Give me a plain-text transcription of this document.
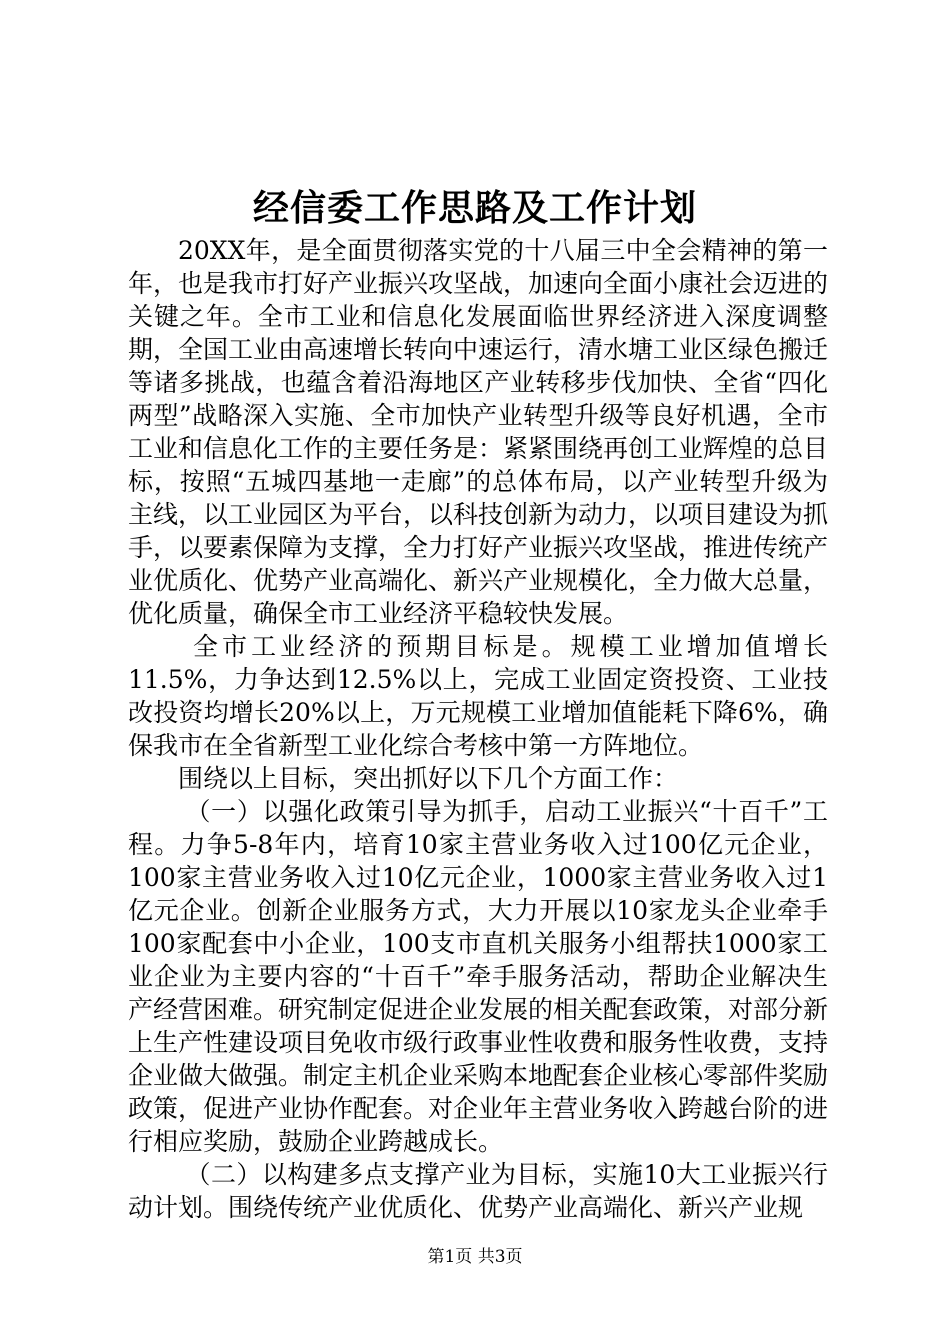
经信委工作思路及工作计划

20XX年，是全面贯彻落实党的十八届三中全会精神的第一年，也是我市打好产业振兴攻坚战，加速向全面小康社会迈进的关键之年。全市工业和信息化发展面临世界经济进入深度调整期，全国工业由高速增长转向中速运行，清水塘工业区绿色搬迁等诸多挑战，也蕴含着沿海地区产业转移步伐加快、全省“四化两型”战略深入实施、全市加快产业转型升级等良好机遇，全市工业和信息化工作的主要任务是：紧紧围绕再创工业辉煌的总目标，按照“五城四基地一走廊”的总体布局，以产业转型升级为主线，以工业园区为平台，以科技创新为动力，以项目建设为抓手，以要素保障为支撑，全力打好产业振兴攻坚战，推进传统产业优质化、优势产业高端化、新兴产业规模化，全力做大总量，优化质量，确保全市工业经济平稳较快发展。

全市工业经济的预期目标是。规模工业增加值增长11.5%，力争达到12.5%以上，完成工业固定资投资、工业技改投资均增长20%以上，万元规模工业增加值能耗下降6%，确保我市在全省新型工业化综合考核中第一方阵地位。

围绕以上目标，突出抓好以下几个方面工作：

（一）以强化政策引导为抓手，启动工业振兴“十百千”工程。力争5-8年内，培育10家主营业务收入过100亿元企业，100家主营业务收入过10亿元企业，1000家主营业务收入过1亿元企业。创新企业服务方式，大力开展以10家龙头企业牵手100家配套中小企业，100支市直机关服务小组帮扶1000家工业企业为主要内容的“十百千”牵手服务活动，帮助企业解决生产经营困难。研究制定促进企业发展的相关配套政策，对部分新上生产性建设项目免收市级行政事业性收费和服务性收费，支持企业做大做强。制定主机企业采购本地配套企业核心零部件奖励政策，促进产业协作配套。对企业年主营业务收入跨越台阶的进行相应奖励，鼓励企业跨越成长。

（二）以构建多点支撑产业为目标，实施10大工业振兴行动计划。围绕传统产业优质化、优势产业高端化、新兴产业规

第1页 共3页
